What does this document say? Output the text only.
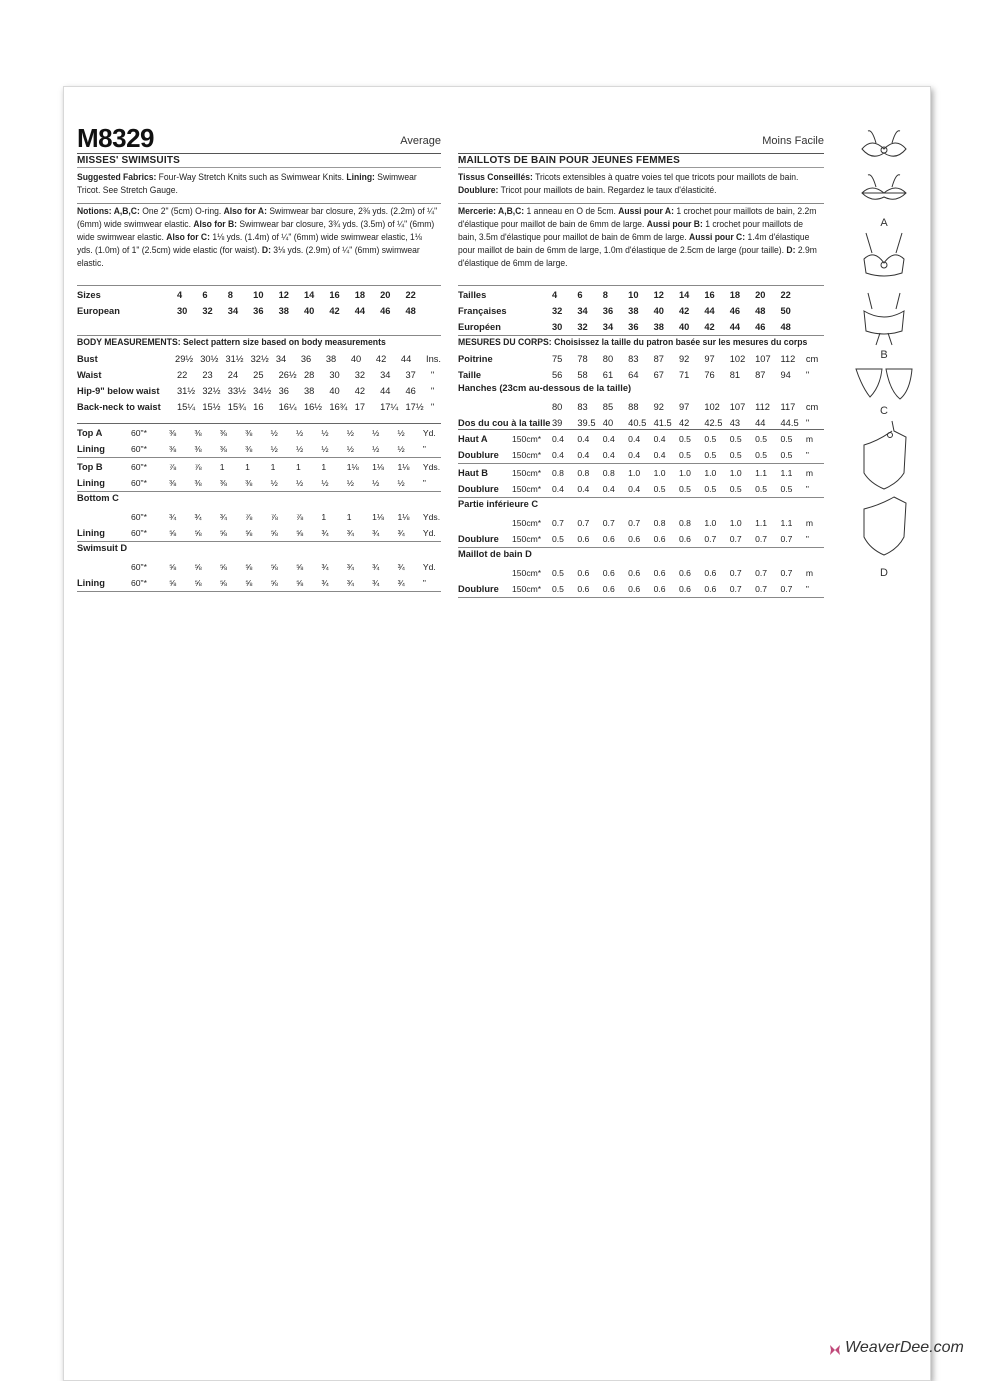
M8329	Average
MISSES' SWIMSUITS
Suggested Fabrics: Four-Way Stretch Knits such as Swimwear Knits. Lining: Swimwear Tricot. See Stretch Gauge.
Notions: A,B,C: One 2" (5cm) O-ring. Also for A: Swimwear bar closure, 2⅜ yds. (2.2m) of ¼" (6mm) wide swimwear elastic. Also for B: Swimwear bar closure, 3¾ yds. (3.5m) of ¼" (6mm) wide swimwear elastic. Also for C: 1⅛ yds. (1.4m) of ¼" (6mm) wide swimwear elastic, 1⅛ yds. (1.0m) of 1" (2.5cm) wide elastic (for waist). D: 3⅛ yds. (2.9m) of ¼" (6mm) swimwear elastic.
Sizes	4	6	8	10	12	14	16	18	20	22
European	30	32	34	36	38	40	42	44	46	48
BODY MEASUREMENTS: Select pattern size based on body measurements
Bust	29½	30½	31½	32½	34	36	38	40	42	44	Ins.
Waist	22	23	24	25	26½	28	30	32	34	37	"
Hip-9" below waist	31½	32½	33½	34½	36	38	40	42	44	46	"
Back-neck to waist	15¼	15½	15¾	16	16¼	16½	16¾	17	17¼	17½	"
Top A	60"*	⅜	⅜	⅜	⅜	½	½	½	½	½	½	Yd.
Lining	60"*	⅜	⅜	⅜	⅜	½	½	½	½	½	½	"
Top B	60"*	⅞	⅞	1	1	1	1	1	1⅛	1⅛	1⅛	Yds.
Lining	60"*	⅜	⅜	⅜	⅜	½	½	½	½	½	½	"
Bottom C
	60"*	¾	¾	¾	⅞	⅞	⅞	1	1	1⅛	1⅛	Yds.
Lining	60"*	⅝	⅝	⅝	⅝	⅝	⅝	¾	¾	¾	¾	Yd.
Swimsuit D
	60"*	⅝	⅝	⅝	⅝	⅝	⅝	¾	¾	¾	¾	Yd.
Lining	60"*	⅝	⅝	⅝	⅝	⅝	⅝	¾	¾	¾	¾	"
Moins Facile
MAILLOTS DE BAIN POUR JEUNES FEMMES
Tissus Conseillés: Tricots extensibles à quatre voies tel que tricots pour maillots de bain.
Doublure: Tricot pour maillots de bain. Regardez le taux d'élasticité.
Mercerie: A,B,C: 1 anneau en O de 5cm. Aussi pour A: 1 crochet pour maillots de bain, 2.2m d'élastique pour maillot de bain de 6mm de large. Aussi pour B: 1 crochet pour maillots de bain, 3.5m d'élastique pour maillot de bain de 6mm de large. Aussi pour C: 1.4m d'élastique pour maillot de bain de 6mm de large, 1.0m d'élastique de 2.5cm de large (pour taille). D: 2.9m d'élastique de 6mm de large.
Tailles	4	6	8	10	12	14	16	18	20	22
Françaises	32	34	36	38	40	42	44	46	48	50
Européen	30	32	34	36	38	40	42	44	46	48
MESURES DU CORPS: Choisissez la taille du patron basée sur les mesures du corps
Poitrine	75	78	80	83	87	92	97	102	107	112	cm
Taille	56	58	61	64	67	71	76	81	87	94	"
Hanches (23cm au-dessous de la taille)
	80	83	85	88	92	97	102	107	112	117	cm
Dos du cou à la taille	39	39.5	40	40.5	41.5	42	42.5	43	44	44.5	"
Haut A	150cm*	0.4	0.4	0.4	0.4	0.4	0.5	0.5	0.5	0.5	0.5	m
Doublure	150cm*	0.4	0.4	0.4	0.4	0.4	0.5	0.5	0.5	0.5	0.5	"
Haut B	150cm*	0.8	0.8	0.8	1.0	1.0	1.0	1.0	1.0	1.1	1.1	m
Doublure	150cm*	0.4	0.4	0.4	0.4	0.5	0.5	0.5	0.5	0.5	0.5	"
Partie inférieure C
	150cm*	0.7	0.7	0.7	0.7	0.8	0.8	1.0	1.0	1.1	1.1	m
Doublure	150cm*	0.5	0.6	0.6	0.6	0.6	0.6	0.7	0.7	0.7	0.7	"
Maillot de bain D
	150cm*	0.5	0.6	0.6	0.6	0.6	0.6	0.6	0.7	0.7	0.7	m
Doublure	150cm*	0.5	0.6	0.6	0.6	0.6	0.6	0.6	0.7	0.7	0.7	"
A
B
C
D
WeaverDee.com
